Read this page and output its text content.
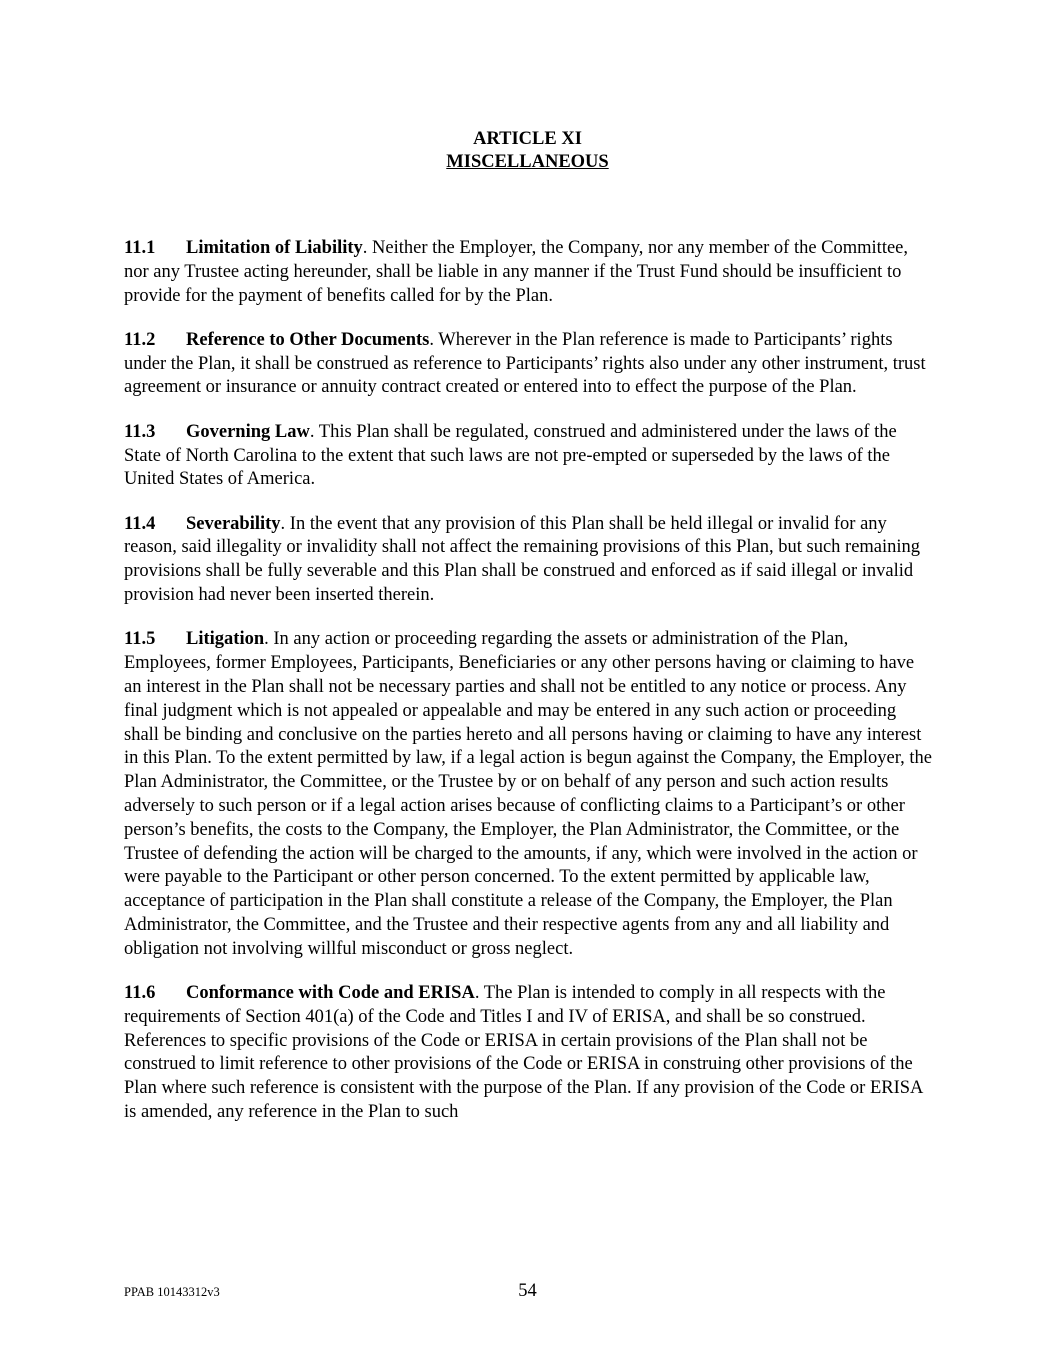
ARTICLE XI
MISCELLANEOUS

11.1 Limitation of Liability. Neither the Employer, the Company, nor any member of the Committee, nor any Trustee acting hereunder, shall be liable in any manner if the Trust Fund should be insufficient to provide for the payment of benefits called for by the Plan.

11.2 Reference to Other Documents. Wherever in the Plan reference is made to Participants’ rights under the Plan, it shall be construed as reference to Participants’ rights also under any other instrument, trust agreement or insurance or annuity contract created or entered into to effect the purpose of the Plan.

11.3 Governing Law. This Plan shall be regulated, construed and administered under the laws of the State of North Carolina to the extent that such laws are not pre-empted or superseded by the laws of the United States of America.

11.4 Severability. In the event that any provision of this Plan shall be held illegal or invalid for any reason, said illegality or invalidity shall not affect the remaining provisions of this Plan, but such remaining provisions shall be fully severable and this Plan shall be construed and enforced as if said illegal or invalid provision had never been inserted therein.

11.5 Litigation. In any action or proceeding regarding the assets or administration of the Plan, Employees, former Employees, Participants, Beneficiaries or any other persons having or claiming to have an interest in the Plan shall not be necessary parties and shall not be entitled to any notice or process. Any final judgment which is not appealed or appealable and may be entered in any such action or proceeding shall be binding and conclusive on the parties hereto and all persons having or claiming to have any interest in this Plan. To the extent permitted by law, if a legal action is begun against the Company, the Employer, the Plan Administrator, the Committee, or the Trustee by or on behalf of any person and such action results adversely to such person or if a legal action arises because of conflicting claims to a Participant’s or other person’s benefits, the costs to the Company, the Employer, the Plan Administrator, the Committee, or the Trustee of defending the action will be charged to the amounts, if any, which were involved in the action or were payable to the Participant or other person concerned. To the extent permitted by applicable law, acceptance of participation in the Plan shall constitute a release of the Company, the Employer, the Plan Administrator, the Committee, and the Trustee and their respective agents from any and all liability and obligation not involving willful misconduct or gross neglect.

11.6 Conformance with Code and ERISA. The Plan is intended to comply in all respects with the requirements of Section 401(a) of the Code and Titles I and IV of ERISA, and shall be so construed. References to specific provisions of the Code or ERISA in certain provisions of the Plan shall not be construed to limit reference to other provisions of the Code or ERISA in construing other provisions of the Plan where such reference is consistent with the purpose of the Plan. If any provision of the Code or ERISA is amended, any reference in the Plan to such

PPAB 10143312v3	54
